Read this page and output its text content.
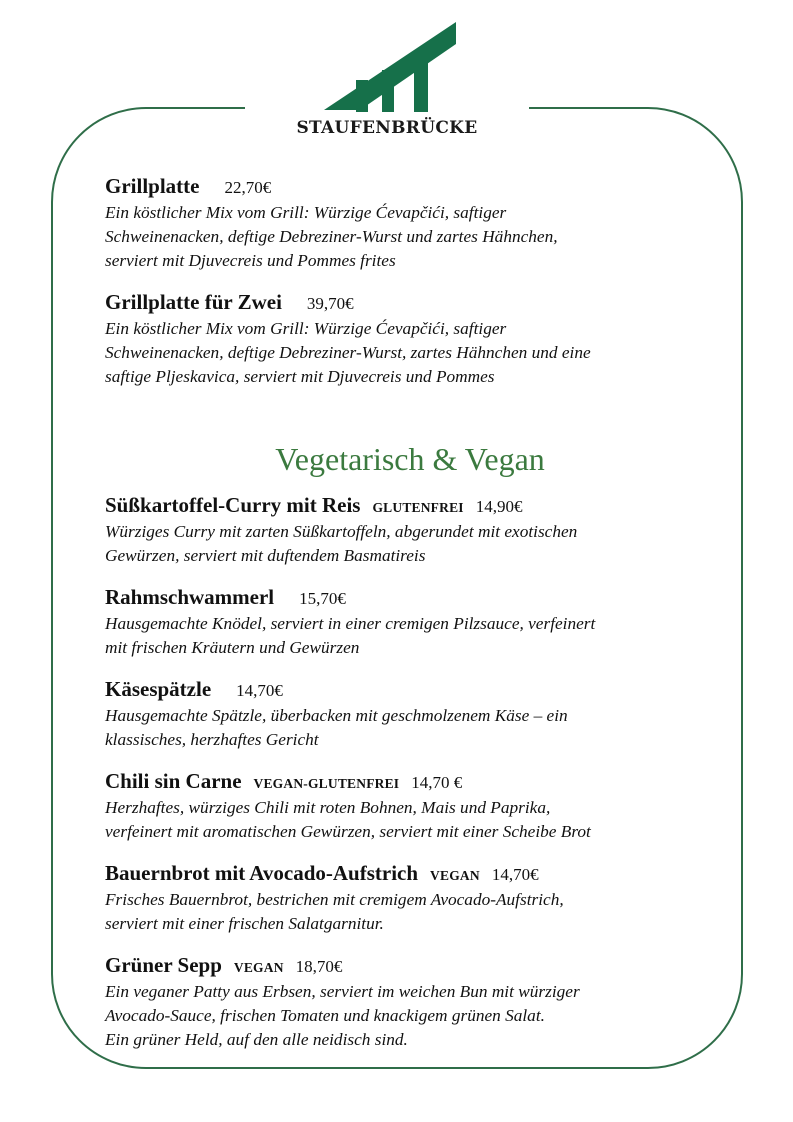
STAUFENBRÜCKE
Grillplatte 22,70€
Ein köstlicher Mix vom Grill: Würzige Ćevapčići, saftiger
Schweinenacken, deftige Debreziner-Wurst und zartes Hähnchen,
serviert mit Djuvecreis und Pommes frites
Grillplatte für Zwei 39,70€
Ein köstlicher Mix vom Grill: Würzige Ćevapčići, saftiger
Schweinenacken, deftige Debreziner-Wurst, zartes Hähnchen und eine
saftige Pljeskavica, serviert mit Djuvecreis und Pommes
Vegetarisch & Vegan
Süßkartoffel-Curry mit Reis GLUTENFREI 14,90€
Würziges Curry mit zarten Süßkartoffeln, abgerundet mit exotischen
Gewürzen, serviert mit duftendem Basmatireis
Rahmschwammerl 15,70€
Hausgemachte Knödel, serviert in einer cremigen Pilzsauce, verfeinert
mit frischen Kräutern und Gewürzen
Käsespätzle 14,70€
Hausgemachte Spätzle, überbacken mit geschmolzenem Käse – ein
klassisches, herzhaftes Gericht
Chili sin Carne VEGAN-GLUTENFREI 14,70 €
Herzhaftes, würziges Chili mit roten Bohnen, Mais und Paprika,
verfeinert mit aromatischen Gewürzen, serviert mit einer Scheibe Brot
Bauernbrot mit Avocado-Aufstrich VEGAN 14,70€
Frisches Bauernbrot, bestrichen mit cremigem Avocado-Aufstrich,
serviert mit einer frischen Salatgarnitur.
Grüner Sepp VEGAN 18,70€
Ein veganer Patty aus Erbsen, serviert im weichen Bun mit würziger
Avocado-Sauce, frischen Tomaten und knackigem grünen Salat.
Ein grüner Held, auf den alle neidisch sind.
